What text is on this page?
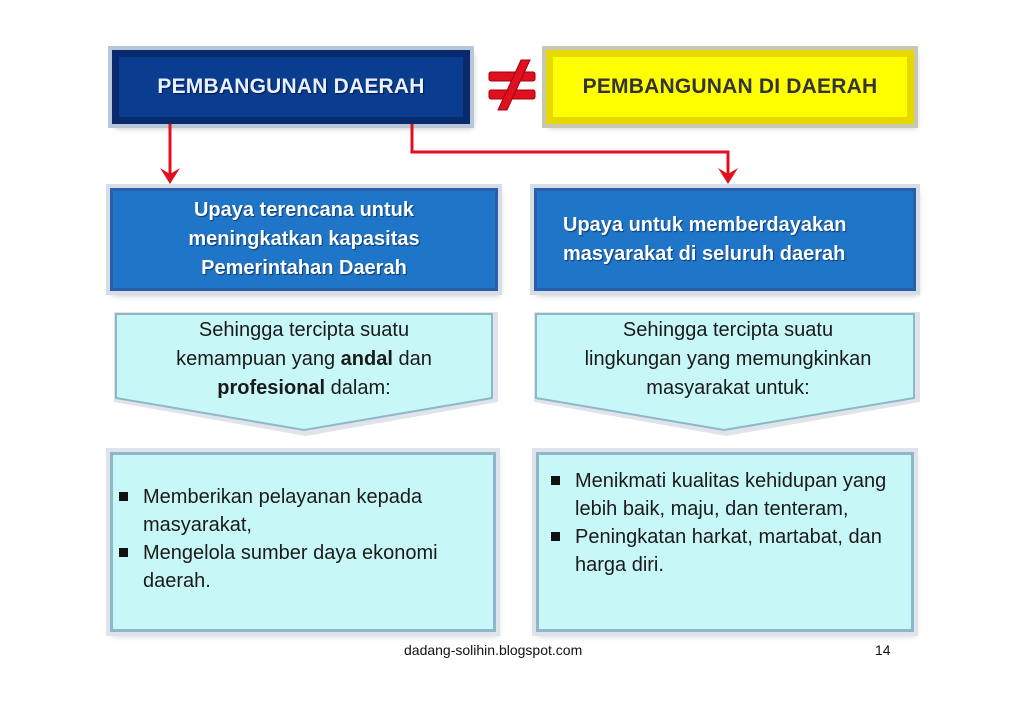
PEMBANGUNAN DAERAH	PEMBANGUNAN DI DAERAH
Upaya terencana untuk
meningkatkan kapasitas
Pemerintahan Daerah
Upaya untuk memberdayakan
masyarakat di seluruh daerah
Sehingga tercipta suatu
kemampuan yang andal dan
profesional dalam:
Sehingga tercipta suatu
lingkungan yang memungkinkan
masyarakat untuk:
Memberikan pelayanan kepada masyarakat,
Mengelola sumber daya ekonomi daerah.
Menikmati kualitas kehidupan yang lebih baik, maju, dan tenteram,
Peningkatan harkat, martabat, dan harga diri.
dadang-solihin.blogspot.com	14
